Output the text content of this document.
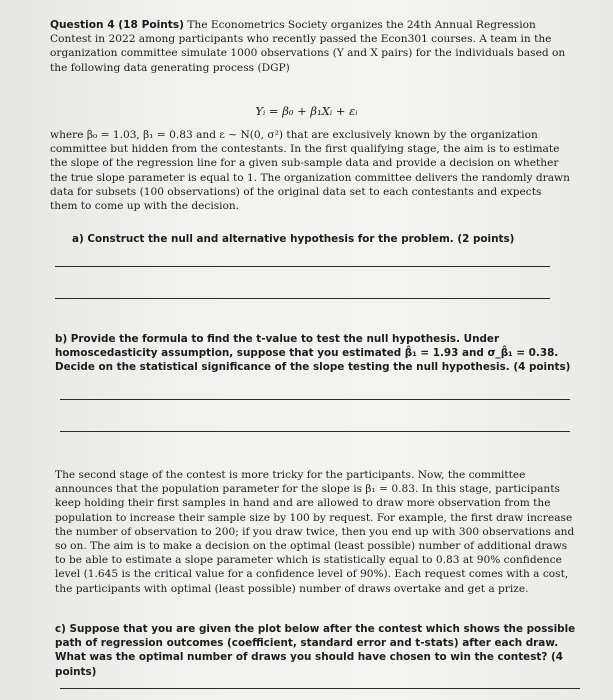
Question 4 (18 Points) The Econometrics Society organizes the 24th Annual Regression Contest in 2022 among participants who recently passed the Econ301 courses. A team in the organization committee simulate 1000 observations (Y and X pairs) for the individuals based on the following data generating process (DGP)

Yᵢ = β₀ + β₁Xᵢ + εᵢ
where β₀ = 1.03, β₁ = 0.83 and ε ∼ N(0, σ²) that are exclusively known by the organization committee but hidden from the contestants. In the first qualifying stage, the aim is to estimate the slope of the regression line for a given sub-sample data and provide a decision on whether the true slope parameter is equal to 1. The organization committee delivers the randomly drawn data for subsets (100 observations) of the original data set to each contestants and expects them to come up with the decision.
a) Construct the null and alternative hypothesis for the problem. (2 points)
b) Provide the formula to find the t-value to test the null hypothesis. Under homoscedasticity assumption, suppose that you estimated β̂₁ = 1.93 and σ_β̂₁ = 0.38. Decide on the statistical significance of the slope testing the null hypothesis. (4 points)
The second stage of the contest is more tricky for the participants. Now, the committee announces that the population parameter for the slope is β₁ = 0.83. In this stage, participants keep holding their first samples in hand and are allowed to draw more observation from the population to increase their sample size by 100 by request. For example, the first draw increase the number of observation to 200; if you draw twice, then you end up with 300 observations and so on. The aim is to make a decision on the optimal (least possible) number of additional draws to be able to estimate a slope parameter which is statistically equal to 0.83 at 90% confidence level (1.645 is the critical value for a confidence level of 90%). Each request comes with a cost, the participants with optimal (least possible) number of draws overtake and get a prize.
c) Suppose that you are given the plot below after the contest which shows the possible path of regression outcomes (coefficient, standard error and t-stats) after each draw. What was the optimal number of draws you should have chosen to win the contest? (4 points)
